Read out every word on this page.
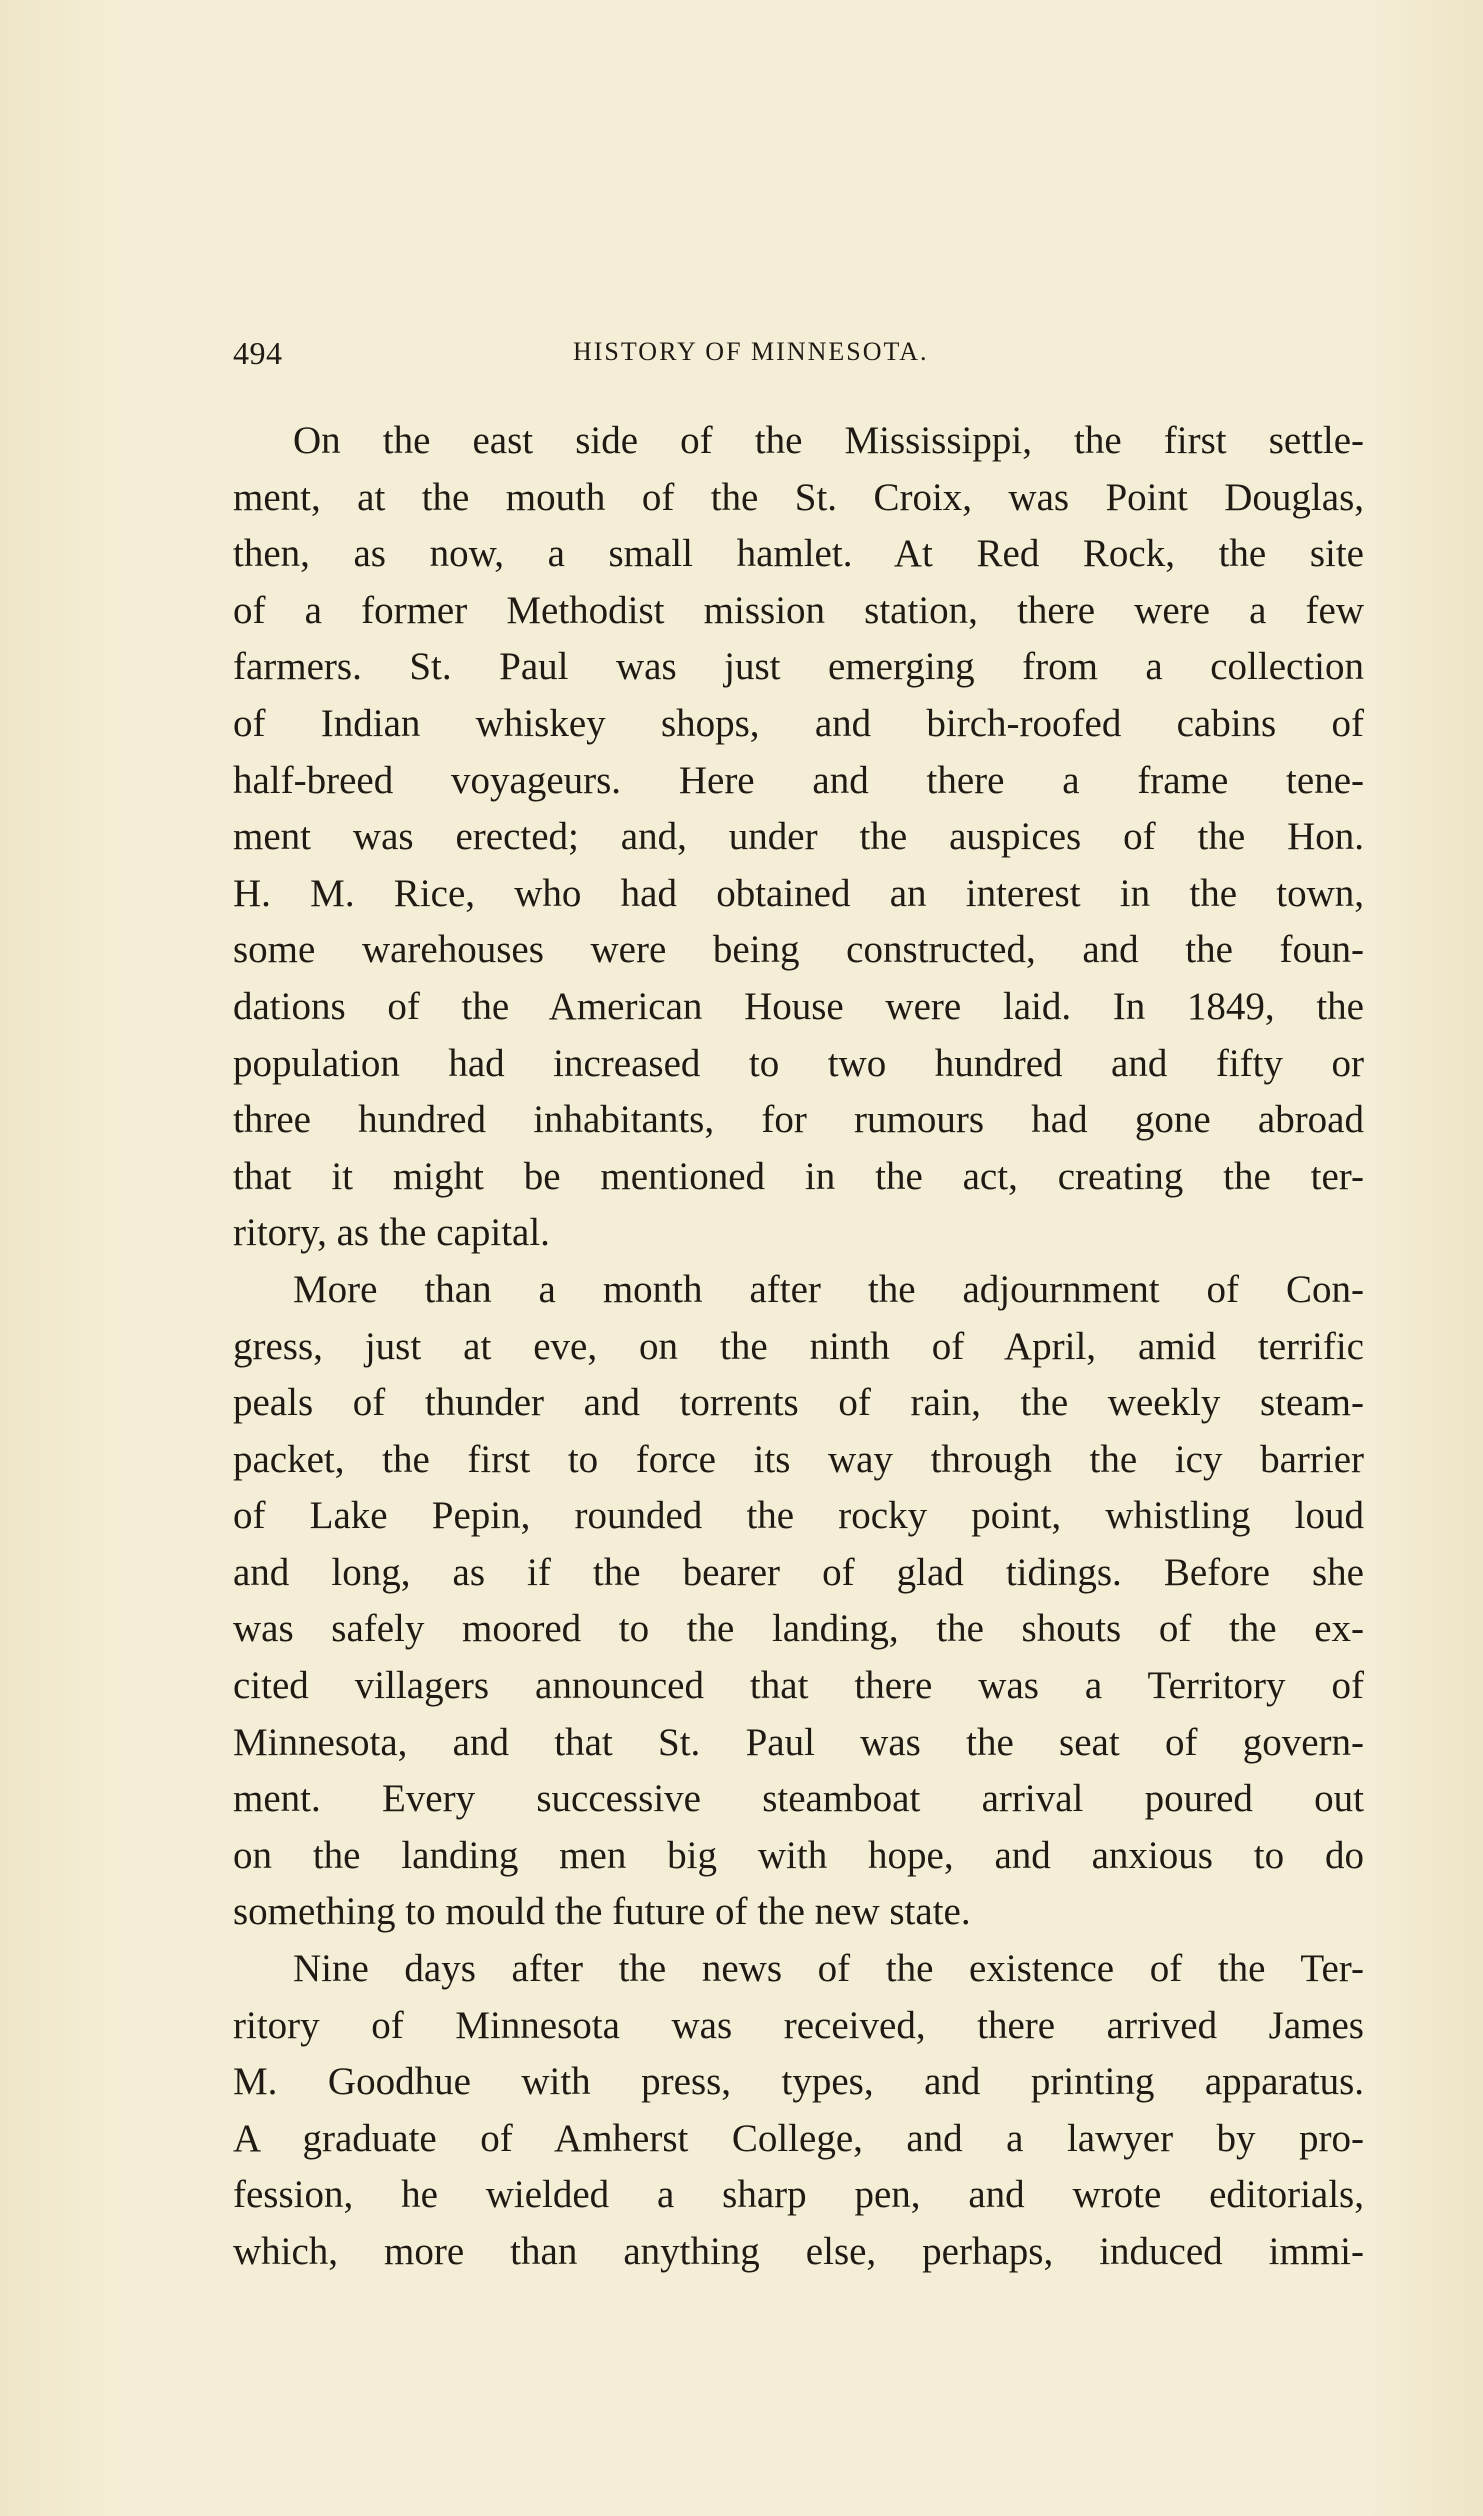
494	HISTORY OF MINNESOTA.
On the east side of the Mississippi, the first settle-
ment, at the mouth of the St. Croix, was Point Douglas,
then, as now, a small hamlet. At Red Rock, the site
of a former Methodist mission station, there were a few
farmers. St. Paul was just emerging from a collection
of Indian whiskey shops, and birch-roofed cabins of
half-breed voyageurs. Here and there a frame tene-
ment was erected; and, under the auspices of the Hon.
H. M. Rice, who had obtained an interest in the town,
some warehouses were being constructed, and the foun-
dations of the American House were laid. In 1849, the
population had increased to two hundred and fifty or
three hundred inhabitants, for rumours had gone abroad
that it might be mentioned in the act, creating the ter-
ritory, as the capital.
More than a month after the adjournment of Con-
gress, just at eve, on the ninth of April, amid terrific
peals of thunder and torrents of rain, the weekly steam-
packet, the first to force its way through the icy barrier
of Lake Pepin, rounded the rocky point, whistling loud
and long, as if the bearer of glad tidings. Before she
was safely moored to the landing, the shouts of the ex-
cited villagers announced that there was a Territory of
Minnesota, and that St. Paul was the seat of govern-
ment. Every successive steamboat arrival poured out
on the landing men big with hope, and anxious to do
something to mould the future of the new state.
Nine days after the news of the existence of the Ter-
ritory of Minnesota was received, there arrived James
M. Goodhue with press, types, and printing apparatus.
A graduate of Amherst College, and a lawyer by pro-
fession, he wielded a sharp pen, and wrote editorials,
which, more than anything else, perhaps, induced immi-
